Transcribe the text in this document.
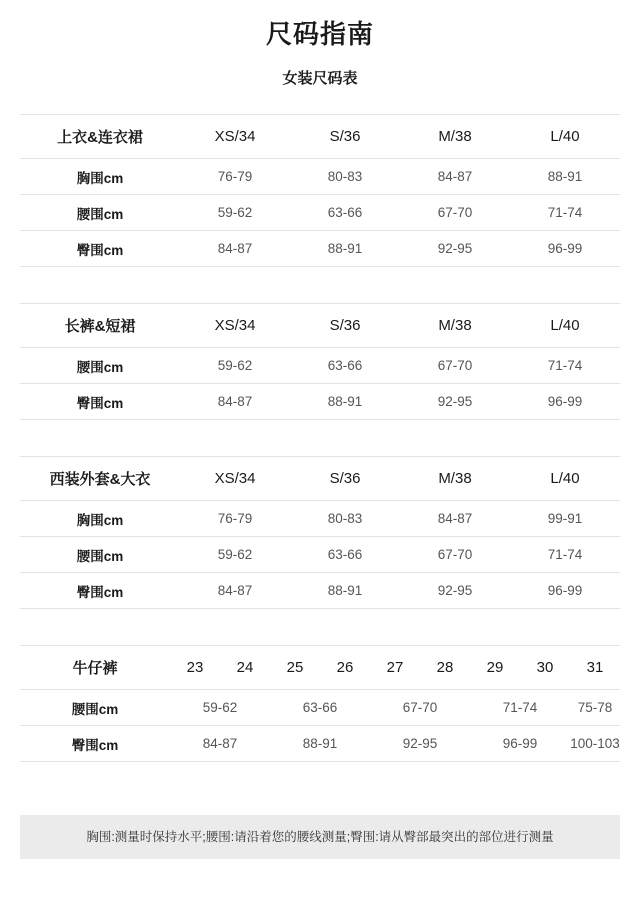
尺码指南
女装尺码表
上衣&连衣裙	XS/34	S/36	M/38	L/40
胸围cm	76-79	80-83	84-87	88-91
腰围cm	59-62	63-66	67-70	71-74
臀围cm	84-87	88-91	92-95	96-99
长裤&短裙	XS/34	S/36	M/38	L/40
腰围cm	59-62	63-66	67-70	71-74
臀围cm	84-87	88-91	92-95	96-99
西装外套&大衣	XS/34	S/36	M/38	L/40
胸围cm	76-79	80-83	84-87	99-91
腰围cm	59-62	63-66	67-70	71-74
臀围cm	84-87	88-91	92-95	96-99
牛仔裤	23	24	25	26	27	28	29	30	31
腰围cm	59-62		63-66		67-70		71-74		75-78
臀围cm	84-87		88-91		92-95		96-99		100-103
胸围:测量时保持水平;腰围:请沿着您的腰线测量;臀围:请从臀部最突出的部位进行测量
